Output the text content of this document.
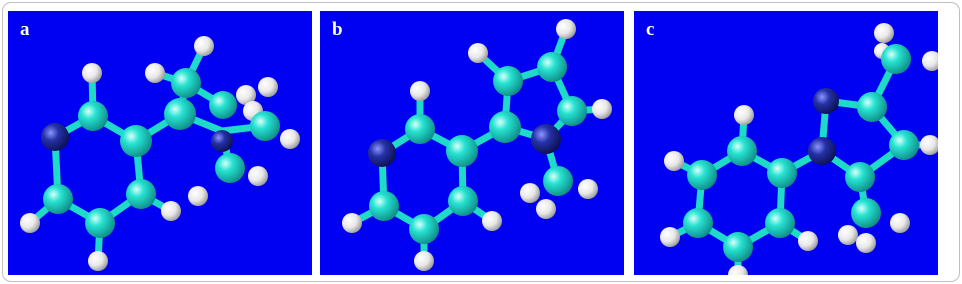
a	b	c
